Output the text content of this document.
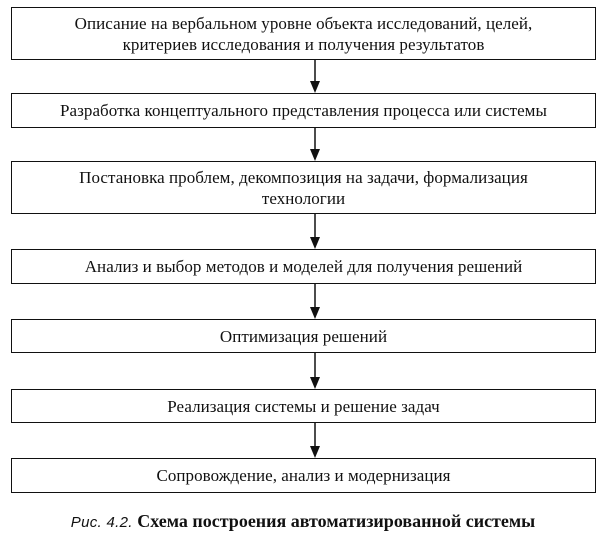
Описание на вербальном уровне объекта исследований, целей,
критериев исследования и получения результатов
Разработка концептуального представления процесса или системы
Постановка проблем, декомпозиция на задачи, формализация
технологии
Анализ и выбор методов и моделей для получения решений
Оптимизация решений
Реализация системы и решение задач
Сопровождение, анализ и модернизация
Рис. 4.2. Схема построения автоматизированной системы
